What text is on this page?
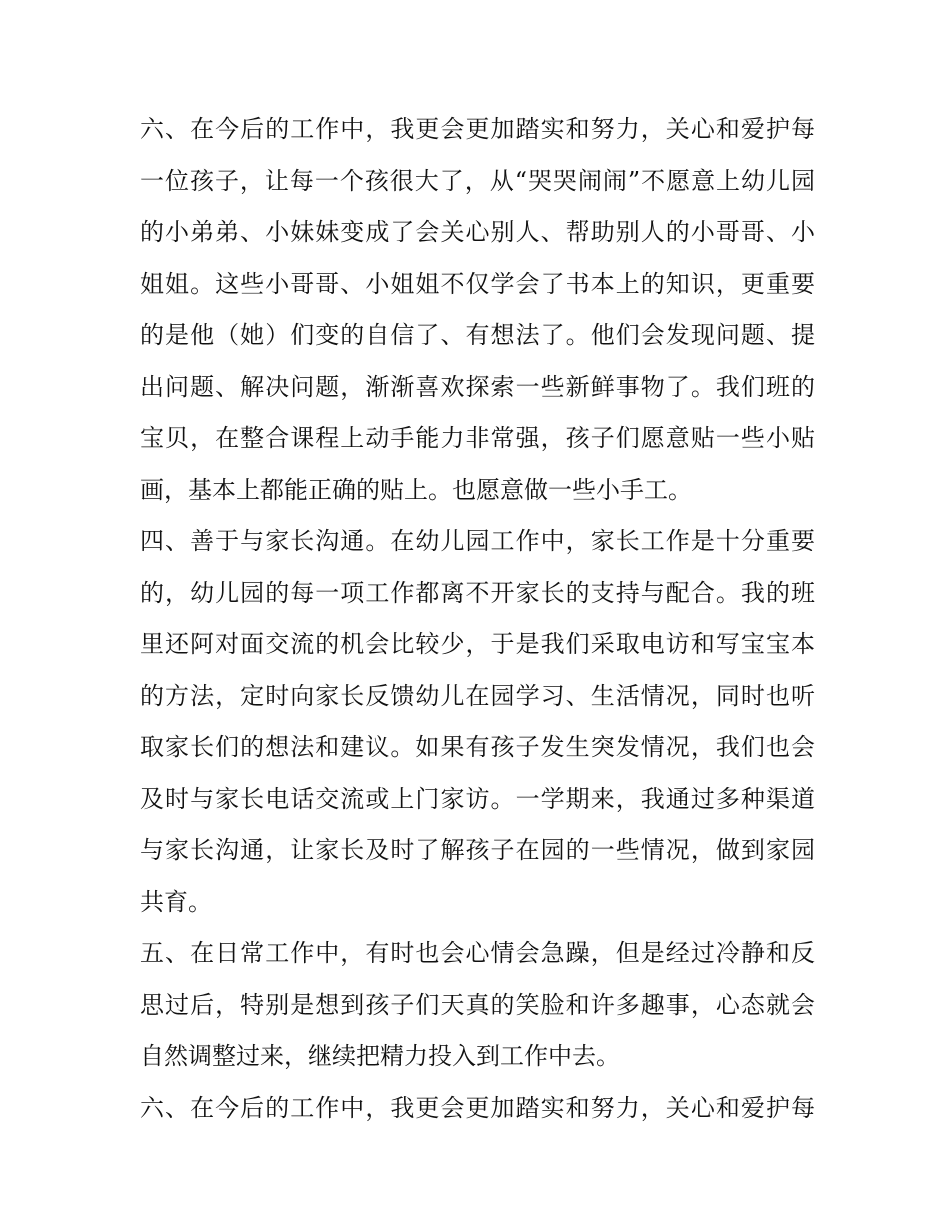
六、在今后的工作中，我更会更加踏实和努力，关心和爱护每
一位孩子，让每一个孩很大了，从“哭哭闹闹”不愿意上幼儿园
的小弟弟、小妹妹变成了会关心别人、帮助别人的小哥哥、小
姐姐。这些小哥哥、小姐姐不仅学会了书本上的知识，更重要
的是他（她）们变的自信了、有想法了。他们会发现问题、提
出问题、解决问题，渐渐喜欢探索一些新鲜事物了。我们班的
宝贝，在整合课程上动手能力非常强，孩子们愿意贴一些小贴
画，基本上都能正确的贴上。也愿意做一些小手工。
四、善于与家长沟通。在幼儿园工作中，家长工作是十分重要
的，幼儿园的每一项工作都离不开家长的支持与配合。我的班
里还阿对面交流的机会比较少，于是我们采取电访和写宝宝本
的方法，定时向家长反馈幼儿在园学习、生活情况，同时也听
取家长们的想法和建议。如果有孩子发生突发情况，我们也会
及时与家长电话交流或上门家访。一学期来，我通过多种渠道
与家长沟通，让家长及时了解孩子在园的一些情况，做到家园
共育。
五、在日常工作中，有时也会心情会急躁，但是经过冷静和反
思过后，特别是想到孩子们天真的笑脸和许多趣事，心态就会
自然调整过来，继续把精力投入到工作中去。
六、在今后的工作中，我更会更加踏实和努力，关心和爱护每
